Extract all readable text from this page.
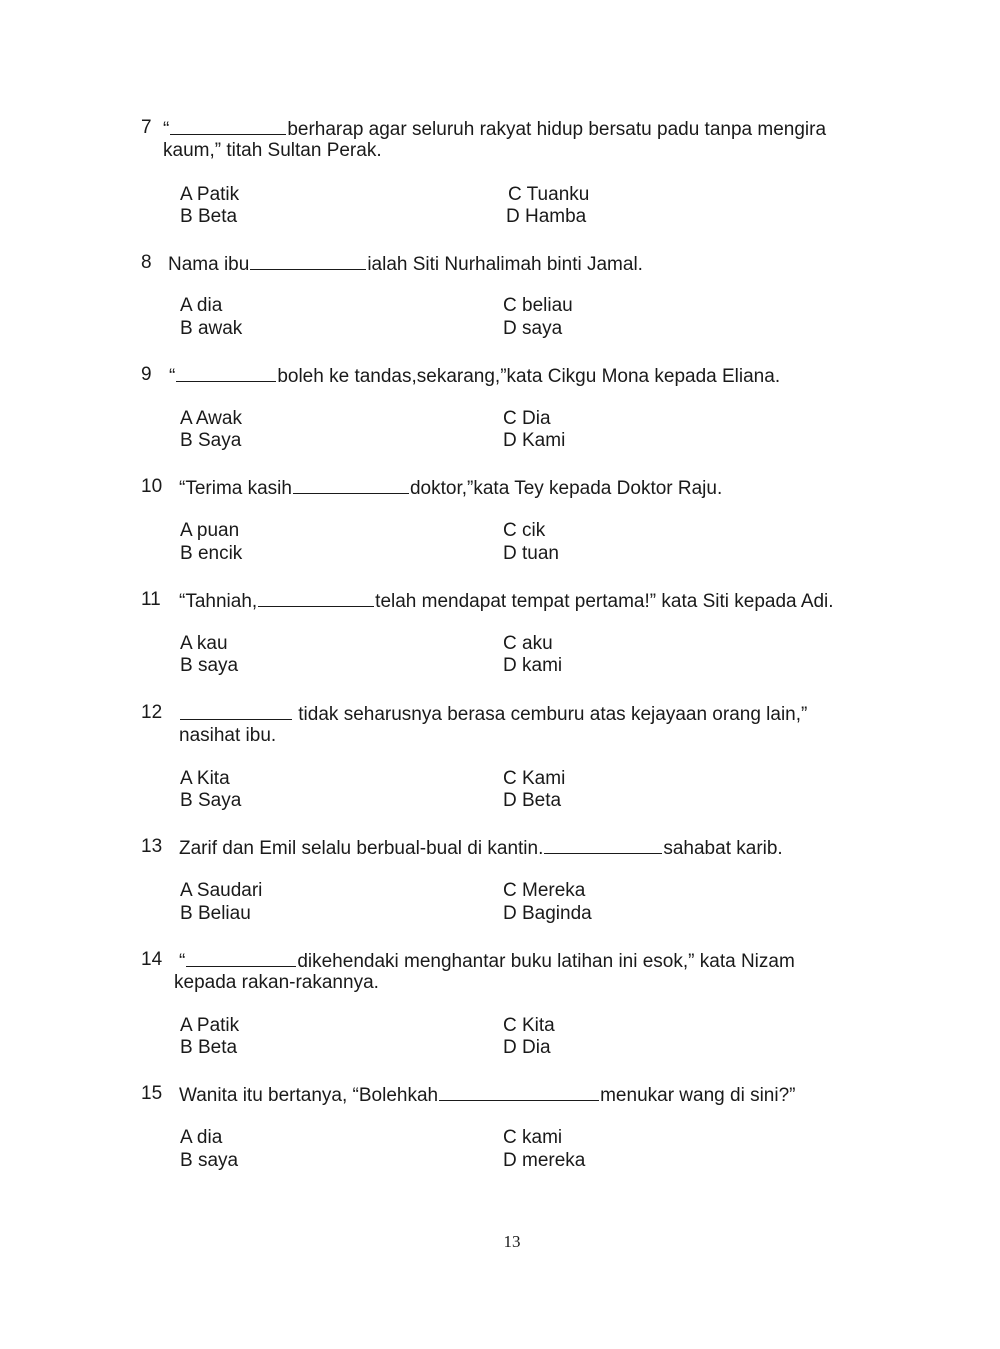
7 “	berharap agar seluruh rakyat hidup bersatu padu tanpa mengira
kaum,” titah Sultan Perak.
A Patik
B Beta
C Tuanku
D Hamba
8 Nama ibu	ialah Siti Nurhalimah binti Jamal.
A dia
B awak
C beliau
D saya
9 “	boleh ke tandas,sekarang,”kata Cikgu Mona kepada Eliana.
A Awak
B Saya
C Dia
D Kami
10 “Terima kasih	doktor,”kata Tey kepada Doktor Raju.
A puan
B encik
C cik
D tuan
11 “Tahniah,	telah mendapat tempat pertama!” kata Siti kepada Adi.
A kau
B saya
C aku
D kami
12	tidak seharusnya berasa cemburu atas kejayaan orang lain,”
nasihat ibu.
A Kita
B Saya
C Kami
D Beta
13 Zarif dan Emil selalu berbual-bual di kantin.	sahabat karib.
A Saudari
B Beliau
C Mereka
D Baginda
14 “	dikehendaki menghantar buku latihan ini esok,” kata Nizam
kepada rakan-rakannya.
A Patik
B Beta
C Kita
D Dia
15 Wanita itu bertanya, “Bolehkah	menukar wang di sini?”
A dia
B saya
C kami
D mereka
13
